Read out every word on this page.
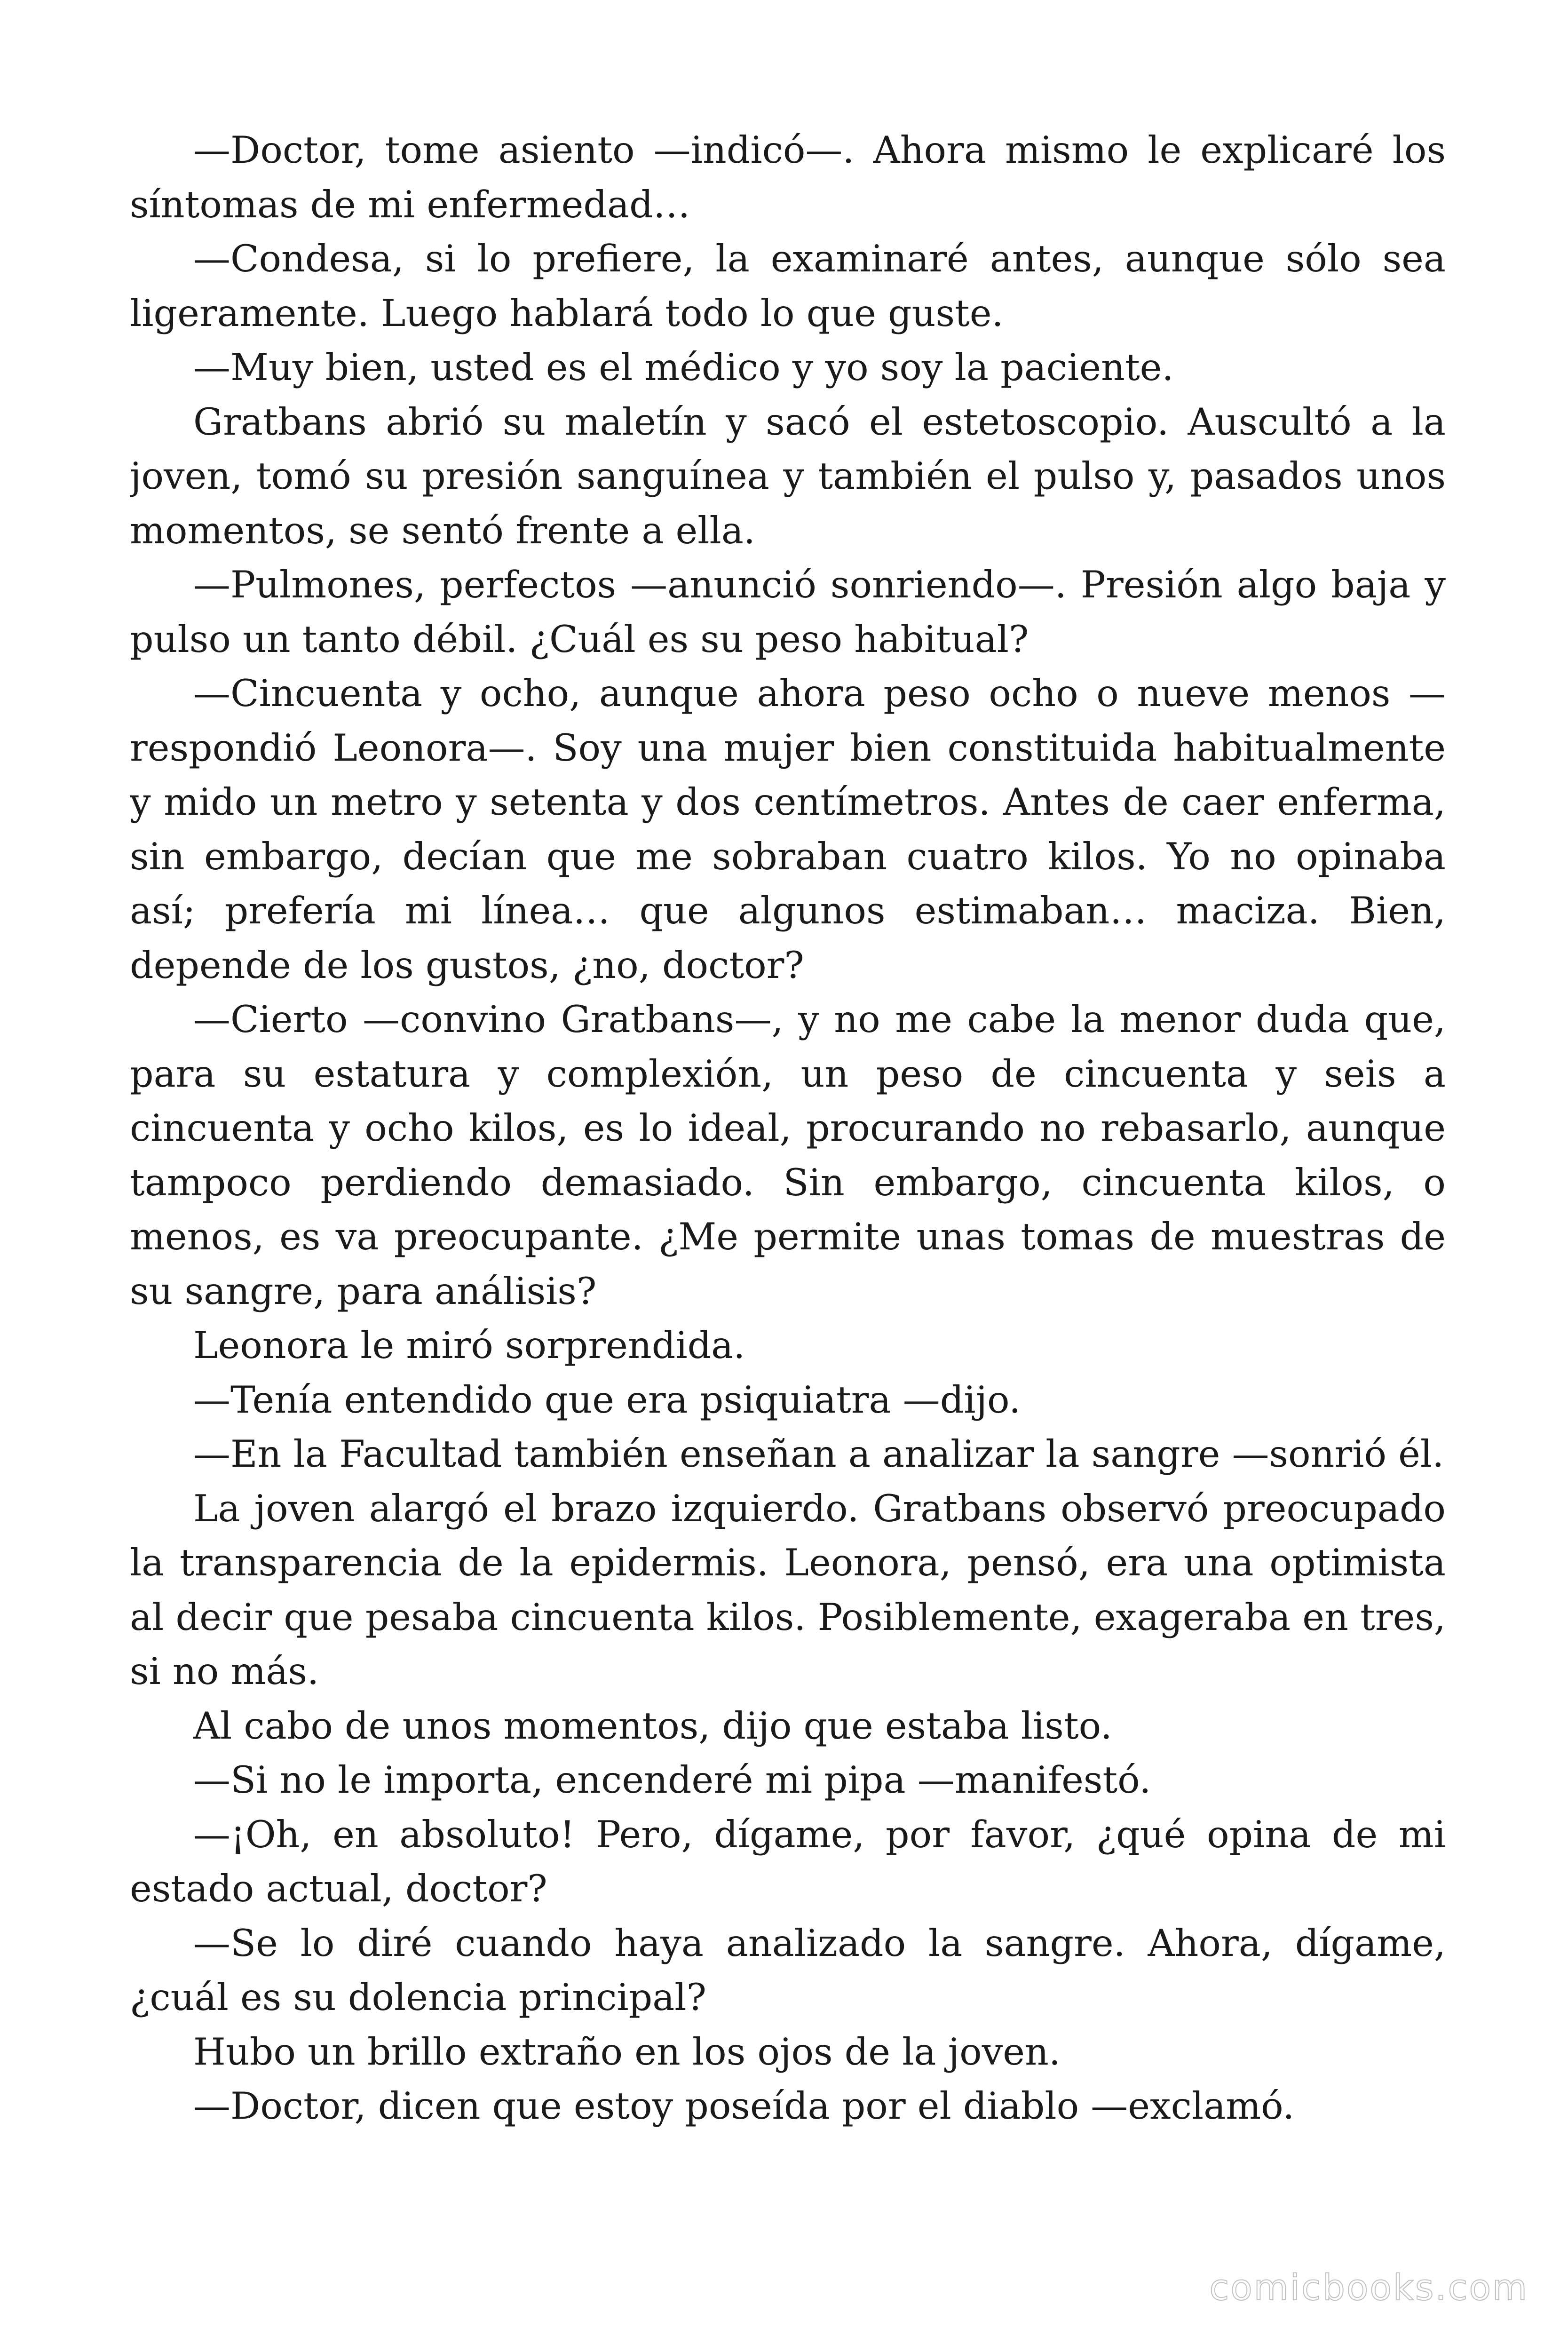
—Doctor, tome asiento —indicó—. Ahora mismo le explicaré los síntomas de mi enfermedad…

—Condesa, si lo prefiere, la examinaré antes, aunque sólo sea ligeramente. Luego hablará todo lo que guste.

—Muy bien, usted es el médico y yo soy la paciente.

Gratbans abrió su maletín y sacó el estetoscopio. Auscultó a la joven, tomó su presión sanguínea y también el pulso y, pasados unos momentos, se sentó frente a ella.

—Pulmones, perfectos —anunció sonriendo—. Presión algo baja y pulso un tanto débil. ¿Cuál es su peso habitual?

—Cincuenta y ocho, aunque ahora peso ocho o nueve menos —respondió Leonora—. Soy una mujer bien constituida habitualmente y mido un metro y setenta y dos centímetros. Antes de caer enferma, sin embargo, decían que me sobraban cuatro kilos. Yo no opinaba así; prefería mi línea… que algunos estimaban… maciza. Bien, depende de los gustos, ¿no, doctor?

—Cierto —convino Gratbans—, y no me cabe la menor duda que, para su estatura y complexión, un peso de cincuenta y seis a cincuenta y ocho kilos, es lo ideal, procurando no rebasarlo, aunque tampoco perdiendo demasiado. Sin embargo, cincuenta kilos, o menos, es va preocupante. ¿Me permite unas tomas de muestras de su sangre, para análisis?

Leonora le miró sorprendida.

—Tenía entendido que era psiquiatra —dijo.

—En la Facultad también enseñan a analizar la sangre —sonrió él.

La joven alargó el brazo izquierdo. Gratbans observó preocupado la transparencia de la epidermis. Leonora, pensó, era una optimista al decir que pesaba cincuenta kilos. Posiblemente, exageraba en tres, si no más.

Al cabo de unos momentos, dijo que estaba listo.

—Si no le importa, encenderé mi pipa —manifestó.

—¡Oh, en absoluto! Pero, dígame, por favor, ¿qué opina de mi estado actual, doctor?

—Se lo diré cuando haya analizado la sangre. Ahora, dígame, ¿cuál es su dolencia principal?

Hubo un brillo extraño en los ojos de la joven.

—Doctor, dicen que estoy poseída por el diablo —exclamó.

comicbooks.com
